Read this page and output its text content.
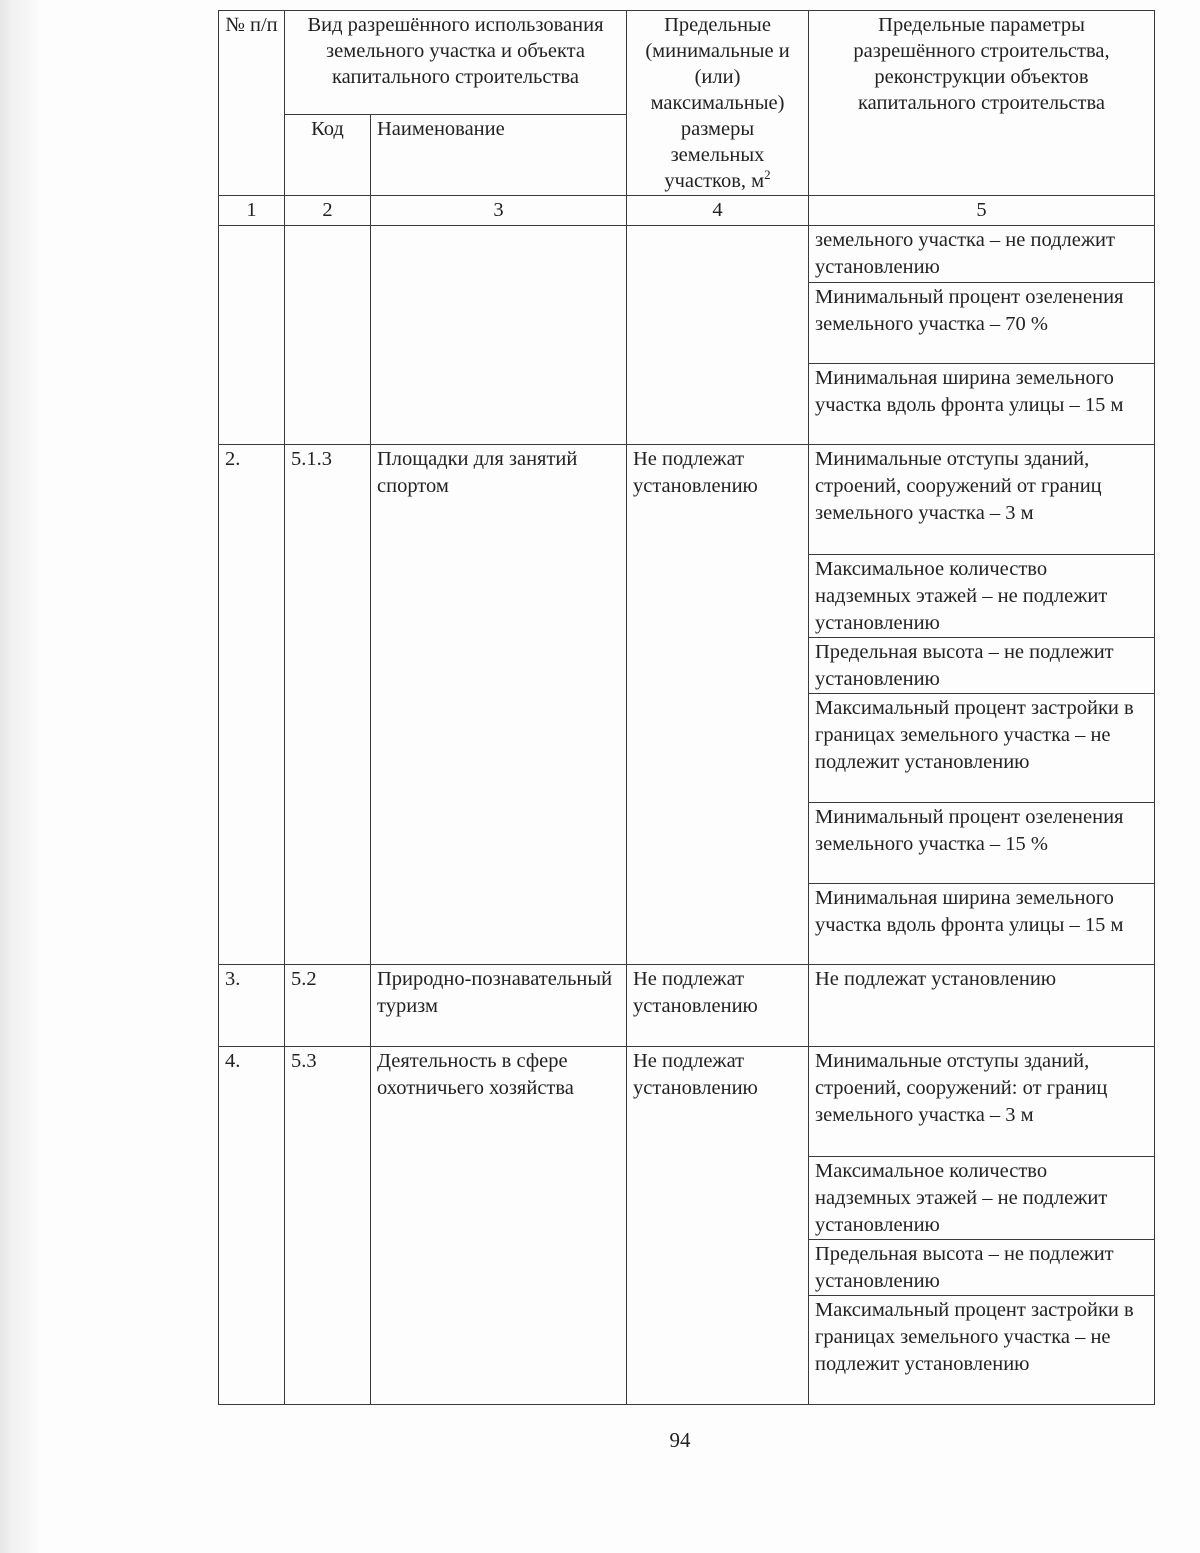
№ п/п	Вид разрешённого использования земельного участка и объекта капитального строительства		Предельные (минимальные и (или) максимальные) размеры земельных участков, $м^2$	Предельные параметры разрешённого строительства, реконструкции объектов капитального строительства
	Код	Наименование		
1	2	3	4	5
				земельного участка – не подлежит установлению
				Минимальный процент озеленения земельного участка – 70 %
				Минимальная ширина земельного участка вдоль фронта улицы – 15 м
2.	5.1.3	Площадки для занятий спортом	Не подлежат установлению	Минимальные отступы зданий, строений, сооружений от границ земельного участка – 3 м
				Максимальное количество надземных этажей – не подлежит установлению
				Предельная высота – не подлежит установлению
				Максимальный процент застройки в границах земельного участка – не подлежит установлению
				Минимальный процент озеленения земельного участка – 15 %
				Минимальная ширина земельного участка вдоль фронта улицы – 15 м
3.	5.2	Природно-познавательный туризм	Не подлежат установлению	Не подлежат установлению
4.	5.3	Деятельность в сфере охотничьего хозяйства	Не подлежат установлению	Минимальные отступы зданий, строений, сооружений: от границ земельного участка – 3 м
				Максимальное количество надземных этажей – не подлежит установлению
				Предельная высота – не подлежит установлению
				Максимальный процент застройки в границах земельного участка – не подлежит установлению
94
